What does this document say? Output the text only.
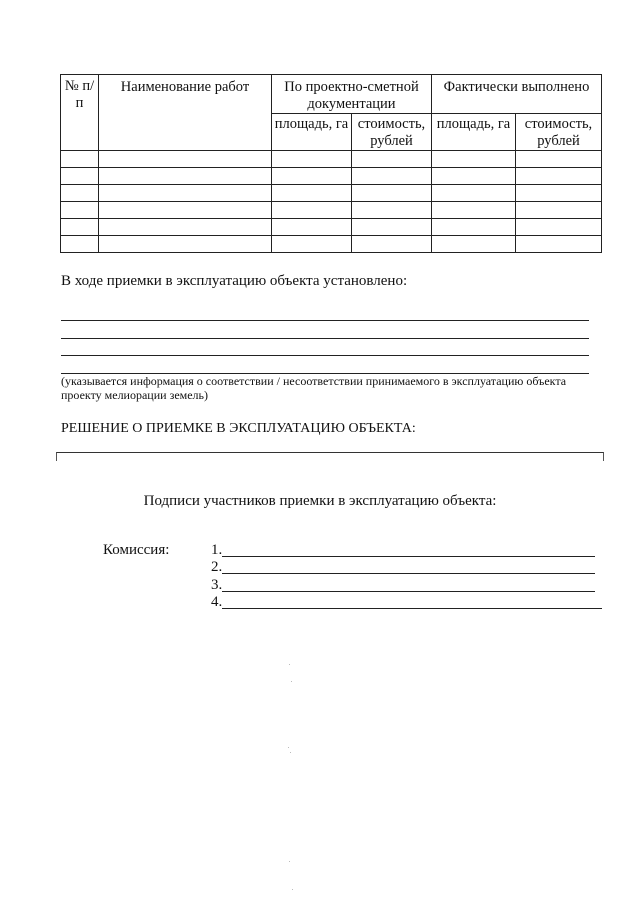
№ п/п	Наименование работ	По проектно-сметной документации		Фактически выполнено	
		площадь, га	стоимость, рублей	площадь, га	стоимость, рублей

В ходе приемки в эксплуатацию объекта установлено:
(указывается информация о соответствии / несоответствии принимаемого в эксплуатацию объекта проекту мелиорации земель)
РЕШЕНИЕ О ПРИЕМКЕ В ЭКСПЛУАТАЦИЮ ОБЪЕКТА:
Подписи участников приемки в эксплуатацию объекта:
Комиссия:	1.
2.
3.
4.
